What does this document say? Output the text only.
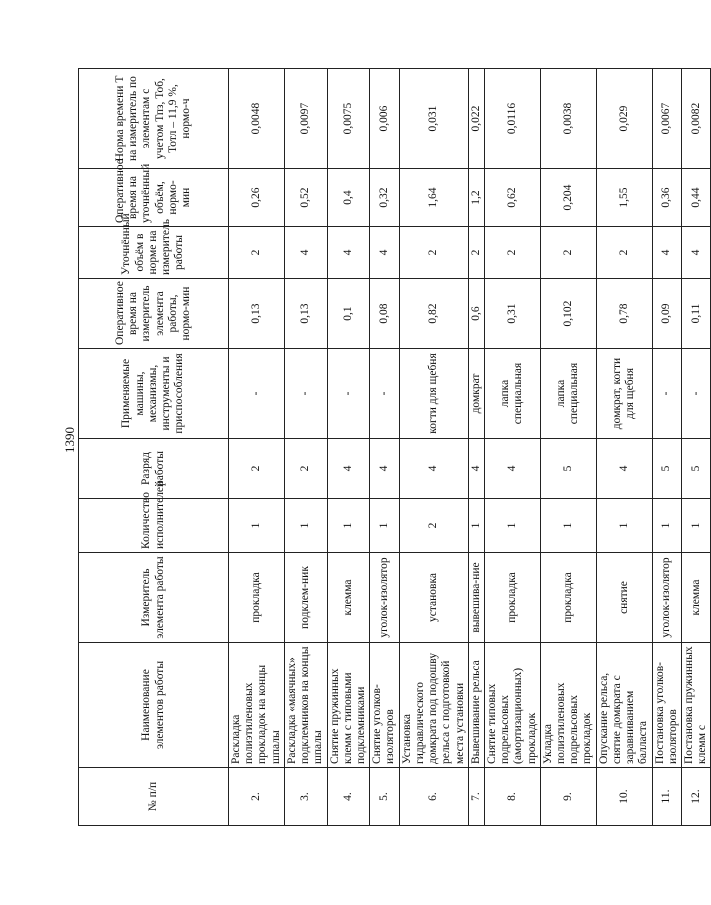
1390
№ п/п	Наименование элементов работы	Измеритель элемента работы	Количество исполнителей	Разряд работы	Применяемые машины, механизмы, инструменты и приспособления	Оперативное время на измеритель элемента работы, нормо-мин	Уточнённый объём в норме на измеритель работы	Оперативное время на уточнённый объём, нормо-мин	Норма времени Т на измеритель по элементам с учетом Тпз, Тоб, Тотл – 11,9 %, нормо-ч
2.	Раскладка полиэтиленовых прокладок на концы шпалы	прокладка	1	2	-	0,13	2	0,26	0,0048
3.	Раскладка «маячных» подклемников на концы шпалы	подклем-ник	1	2	-	0,13	4	0,52	0,0097
4.	Снятие пружинных клемм с типовыми подклемниками	клемма	1	4	-	0,1	4	0,4	0,0075
5.	Снятие уголков-изоляторов	уголок-изолятор	1	4	-	0,08	4	0,32	0,006
6.	Установка гидравлического домкрата под подошву рельса с подготовкой места установки	установка	2	4	когти для щебня	0,82	2	1,64	0,031
7.	Вывешивание рельса	вывешива-ние	1	4	домкрат	0,6	2	1,2	0,022
8.	Снятие типовых подрельсовых (амортизационных) прокладок	прокладка	1	4	лапка специальная	0,31	2	0,62	0,0116
9.	Укладка полиэтиленовых подрельсовых прокладок	прокладка	1	5	лапка специальная	0,102	2	0,204	0,0038
10.	Опускание рельса, снятие домкрата с заравниванием балласта	снятие	1	4	домкрат, когти для щебня	0,78	2	1,55	0,029
11.	Постановка уголков-изоляторов	уголок-изолятор	1	5	-	0,09	4	0,36	0,0067
12.	Постановка пружинных клемм с	клемма	1	5	-	0,11	4	0,44	0,0082
